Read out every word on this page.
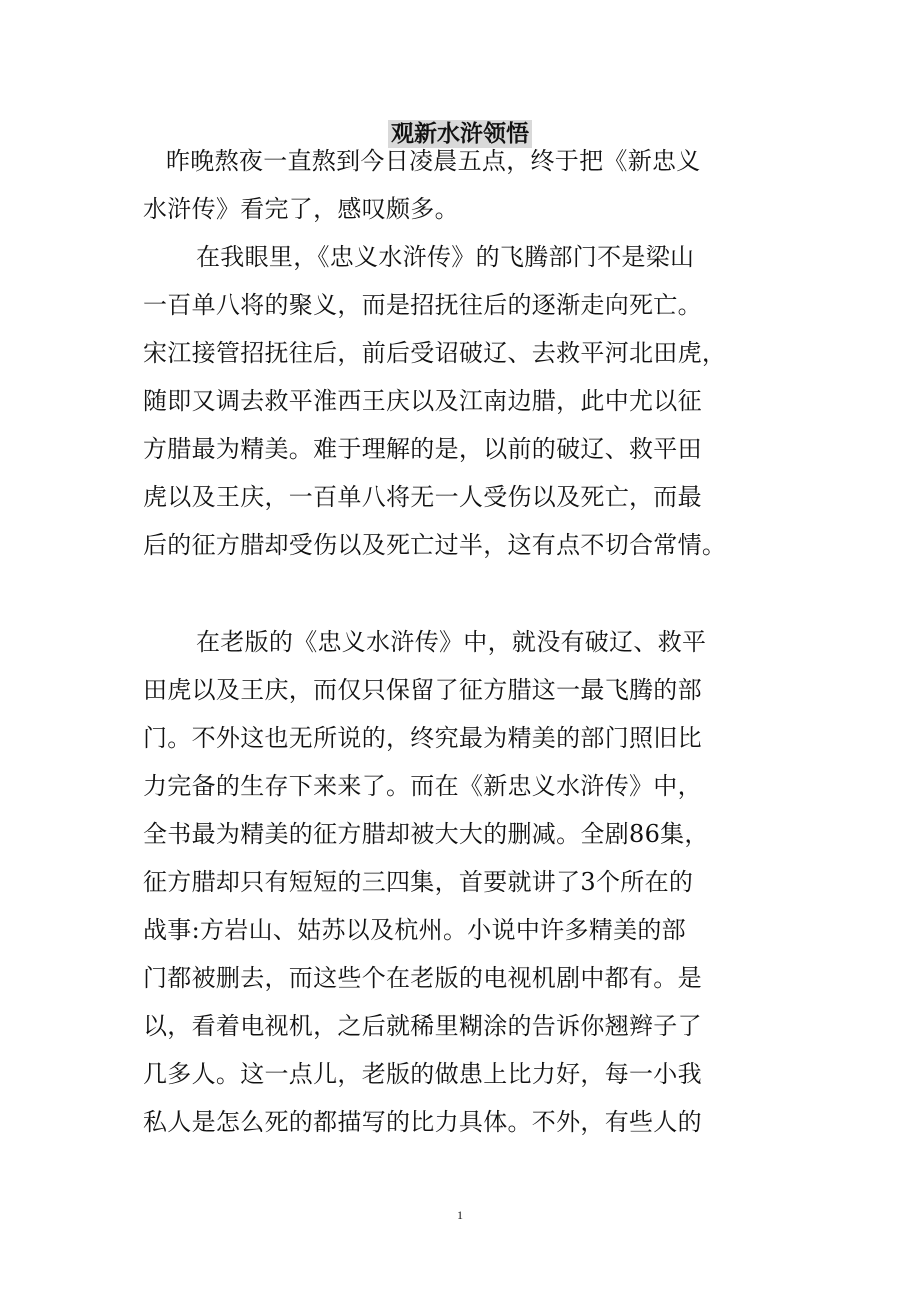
观新水浒领悟
昨晚熬夜一直熬到今日凌晨五点，终于把《新忠义
水浒传》看完了，感叹颇多。
在我眼里，《忠义水浒传》的飞腾部门不是梁山
一百单八将的聚义，而是招抚往后的逐渐走向死亡。
宋江接管招抚往后，前后受诏破辽、去救平河北田虎，
随即又调去救平淮西王庆以及江南边腊，此中尤以征
方腊最为精美。难于理解的是，以前的破辽、救平田
虎以及王庆，一百单八将无一人受伤以及死亡，而最
后的征方腊却受伤以及死亡过半，这有点不切合常情。
在老版的《忠义水浒传》中，就没有破辽、救平
田虎以及王庆，而仅只保留了征方腊这一最飞腾的部
门。不外这也无所说的，终究最为精美的部门照旧比
力完备的生存下来来了。而在《新忠义水浒传》中，
全书最为精美的征方腊却被大大的删减。全剧86集，
征方腊却只有短短的三四集，首要就讲了3个所在的
战事:方岩山、姑苏以及杭州。小说中许多精美的部
门都被删去，而这些个在老版的电视机剧中都有。是
以，看着电视机，之后就稀里糊涂的告诉你翘辫子了
几多人。这一点儿，老版的做患上比力好，每一小我
私人是怎么死的都描写的比力具体。不外，有些人的
1
